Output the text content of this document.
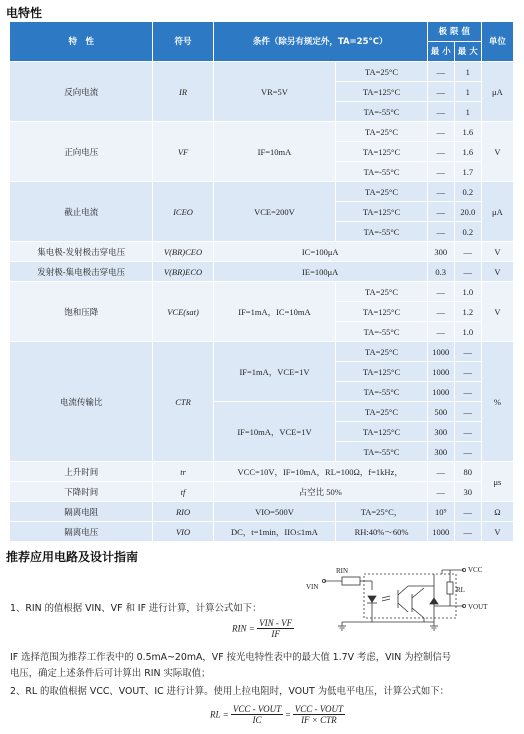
电特性
特　性	符号	条件（除另有规定外，TA=25°C）		极 限 值		单位
				最 小	最 大	
反向电流	IR	VR=5V	TA=25°C	—	1	μA
			TA=125°C	—	1	
			TA=-55°C	—	1	
正向电压	VF	IF=10mA	TA=25°C	—	1.6	V
			TA=125°C	—	1.6	
			TA=-55°C	—	1.7	
截止电流	ICEO	VCE=200V	TA=25°C	—	0.2	μA
			TA=125°C	—	20.0	
			TA=-55°C	—	0.2	
集电极-发射极击穿电压	V(BR)CEO	IC=100μA		300	—	V
发射极-集电极击穿电压	V(BR)ECO	IE=100μA		0.3	—	V
饱和压降	VCE(sat)	IF=1mA，IC=10mA	TA=25°C	—	1.0	V
			TA=125°C	—	1.2	
			TA=-55°C	—	1.0	
电流传输比	CTR	IF=1mA，VCE=1V	TA=25°C	1000	—	%
			TA=125°C	1000	—	
			TA=-55°C	1000	—	
		IF=10mA，VCE=1V	TA=25°C	500	—	
			TA=125°C	300	—	
			TA=-55°C	300	—	
上升时间	tr	VCC=10V，IF=10mA，RL=100Ω，f=1kHz，		—	80	μs
下降时间	tf	占空比 50%		—	30	
隔离电阻	RIO	VIO=500V	TA=25°C，	10⁹	—	Ω
隔离电压	VIO	DC，t=1min，IIO≤1mA	RH:40%～60%	1000	—	V
推荐应用电路及设计指南
RIN
VIN
VCC
RL
VOUT
1、RIN 的值根据 VIN、VF 和 IF 进行计算，计算公式如下：
RIN = $\frac{\text{VIN - VF}}{IF}$
IF 选择范围为推荐工作表中的 0.5mA~20mA，VF 按光电特性表中的最大值 1.7V 考虑，VIN 为控制信号
电压，确定上述条件后可计算出 RIN 实际取值；
2、RL 的取值根据 VCC、VOUT、IC 进行计算。使用上拉电阻时，VOUT 为低电平电压，计算公式如下：
RL = $\frac{\text{VCC - VOUT}}{IC} = \frac{\text{VCC - VOUT}}{\text{IF × CTR}}$
